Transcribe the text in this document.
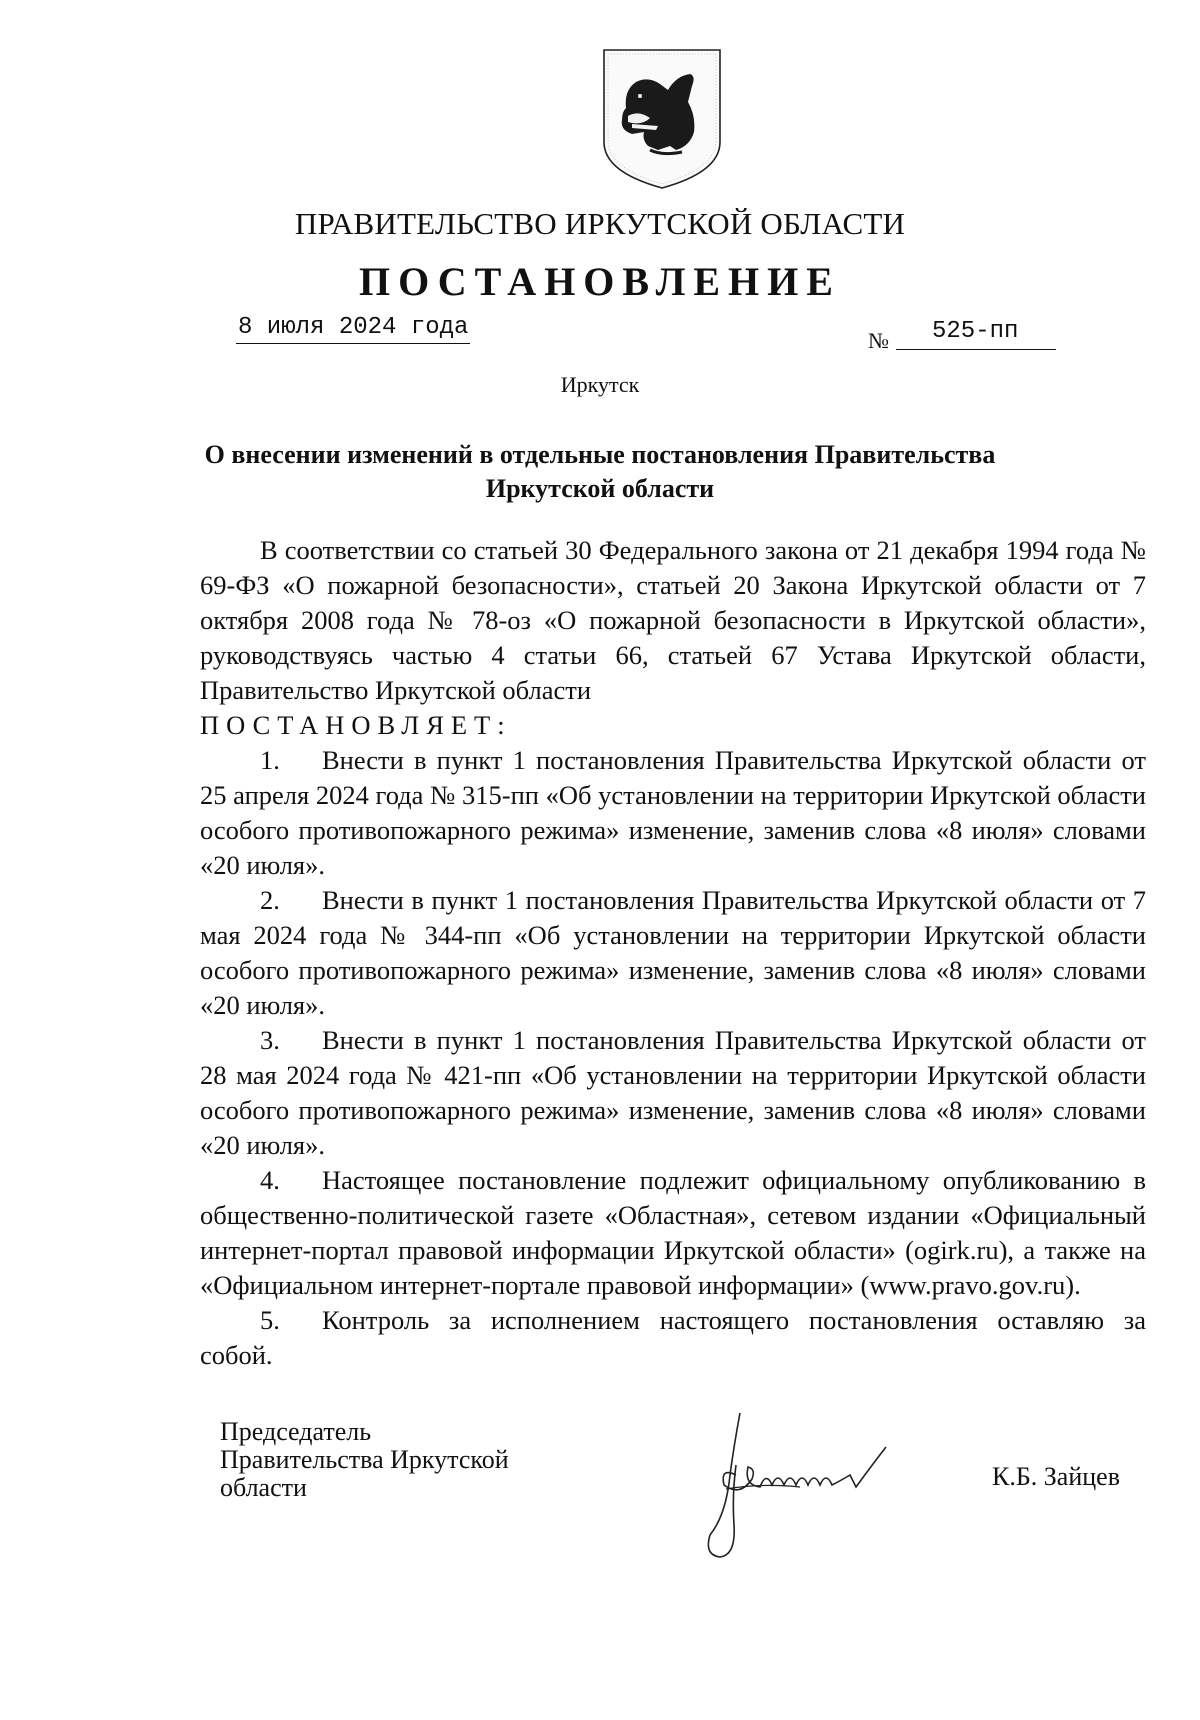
ПРАВИТЕЛЬСТВО ИРКУТСКОЙ ОБЛАСТИ
ПОСТАНОВЛЕНИЕ
8 июля 2024 года	№	525-пп
Иркутск
О внесении изменений в отдельные постановления Правительства Иркутской области

В соответствии со статьей 30 Федерального закона от 21 декабря 1994 года № 69-ФЗ «О пожарной безопасности», статьей 20 Закона Иркутской области от 7 октября 2008 года № 78-оз «О пожарной безопасности в Иркутской области», руководствуясь частью 4 статьи 66, статьей 67 Устава Иркутской области, Правительство Иркутской области

ПОСТАНОВЛЯЕТ:

1. Внести в пункт 1 постановления Правительства Иркутской области от 25 апреля 2024 года № 315-пп «Об установлении на территории Иркутской области особого противопожарного режима» изменение, заменив слова «8 июля» словами «20 июля».

2. Внести в пункт 1 постановления Правительства Иркутской области от 7 мая 2024 года № 344-пп «Об установлении на территории Иркутской области особого противопожарного режима» изменение, заменив слова «8 июля» словами «20 июля».

3. Внести в пункт 1 постановления Правительства Иркутской области от 28 мая 2024 года № 421-пп «Об установлении на территории Иркутской области особого противопожарного режима» изменение, заменив слова «8 июля» словами «20 июля».

4. Настоящее постановление подлежит официальному опубликованию в общественно-политической газете «Областная», сетевом издании «Официальный интернет-портал правовой информации Иркутской области» (ogirk.ru), а также на «Официальном интернет-портале правовой информации» (www.pravo.gov.ru).

5. Контроль за исполнением настоящего постановления оставляю за собой.

Председатель
Правительства Иркутской
области	К.Б. Зайцев
